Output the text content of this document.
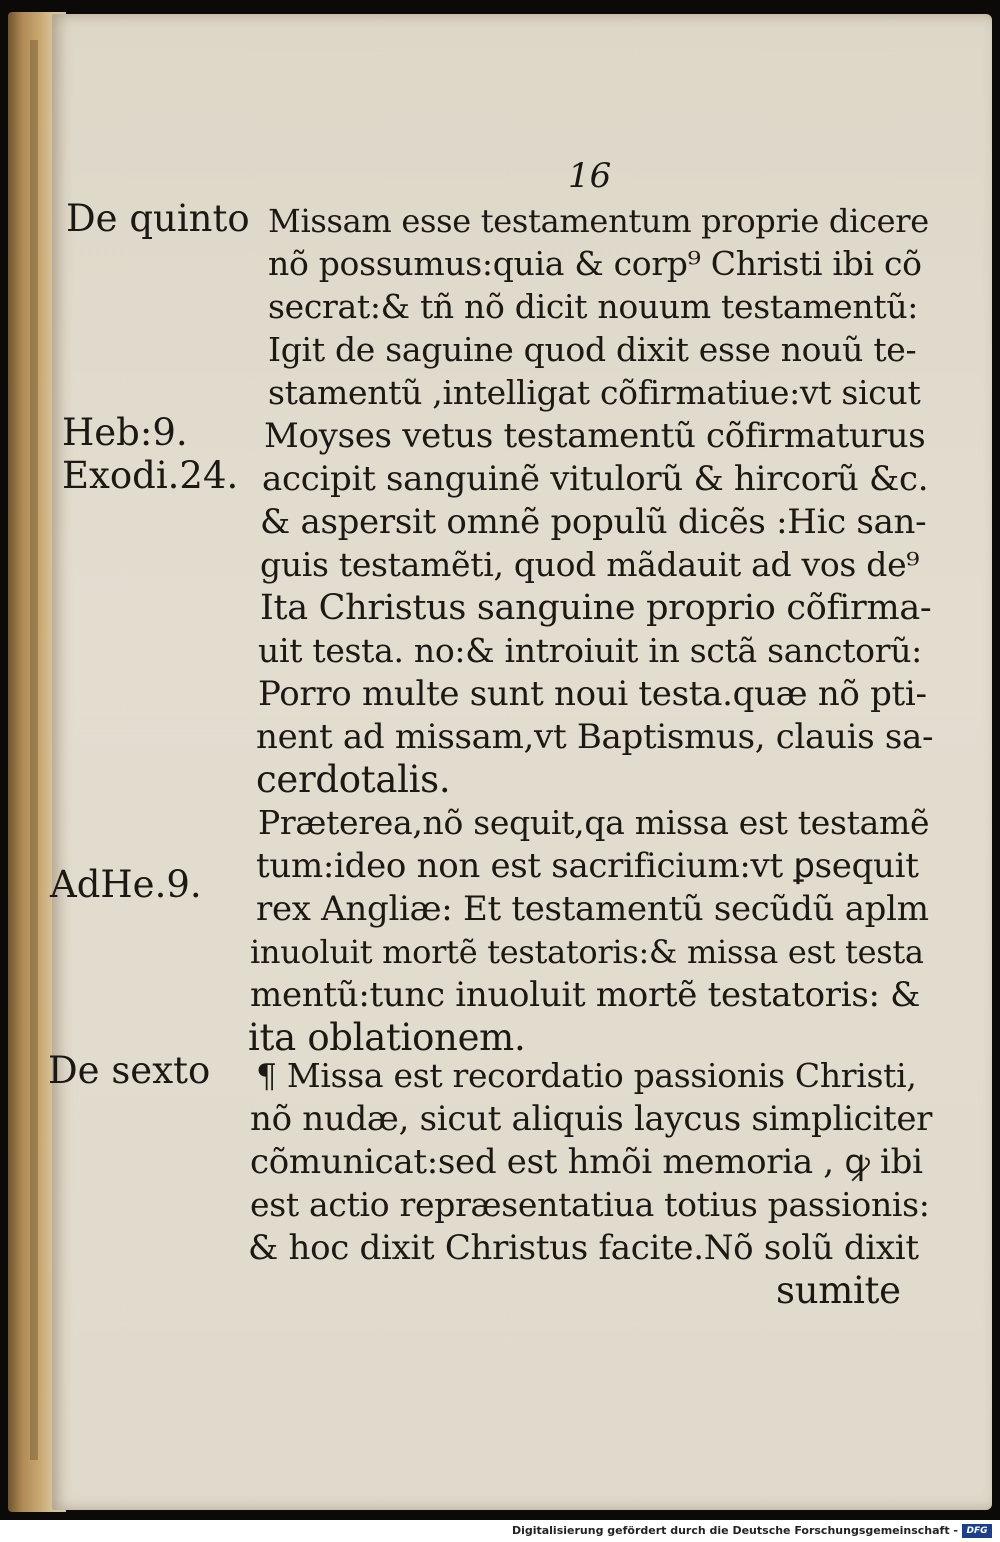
16
De quinto
Heb:9.
Exodi.24.
AdHe.9.
De sexto
Missam esse testamentum proprie dicere
nõ possumus:quia & corp⁹ Christi ibi cõ
secrat:& tñ nõ dicit nouum testamentũ:
Igit de saguine quod dixit esse nouũ te-
stamentũ ,intelligat cõfirmatiue:vt sicut
Moyses vetus testamentũ cõfirmaturus
accipit sanguinẽ vitulorũ & hircorũ &c.
& aspersit omnẽ populũ dicẽs :Hic san-
guis testamẽti, quod mãdauit ad vos de⁹
Ita Christus sanguine proprio cõfirma-
uit testa. no:& introiuit in sctã sanctorũ:
Porro multe sunt noui testa.quæ nõ pti-
nent ad missam,vt Baptismus, clauis sa-
cerdotalis.
Præterea,nõ sequit,qa missa est testamẽ
tum:ideo non est sacrificium:vt ꝑsequit
rex Angliæ: Et testamentũ secũdũ aplm
inuoluit mortẽ testatoris:& missa est testa
mentũ:tunc inuoluit mortẽ testatoris: &
ita oblationem.
¶ Missa est recordatio passionis Christi,
nõ nudæ, sicut aliquis laycus simpliciter
cõmunicat:sed est hmõi memoria , ꝙ ibi
est actio repræsentatiua totius passionis:
& hoc dixit Christus facite.Nõ solũ dixit
sumite
Digitalisierung gefördert durch die Deutsche Forschungsgemeinschaft - DFG
